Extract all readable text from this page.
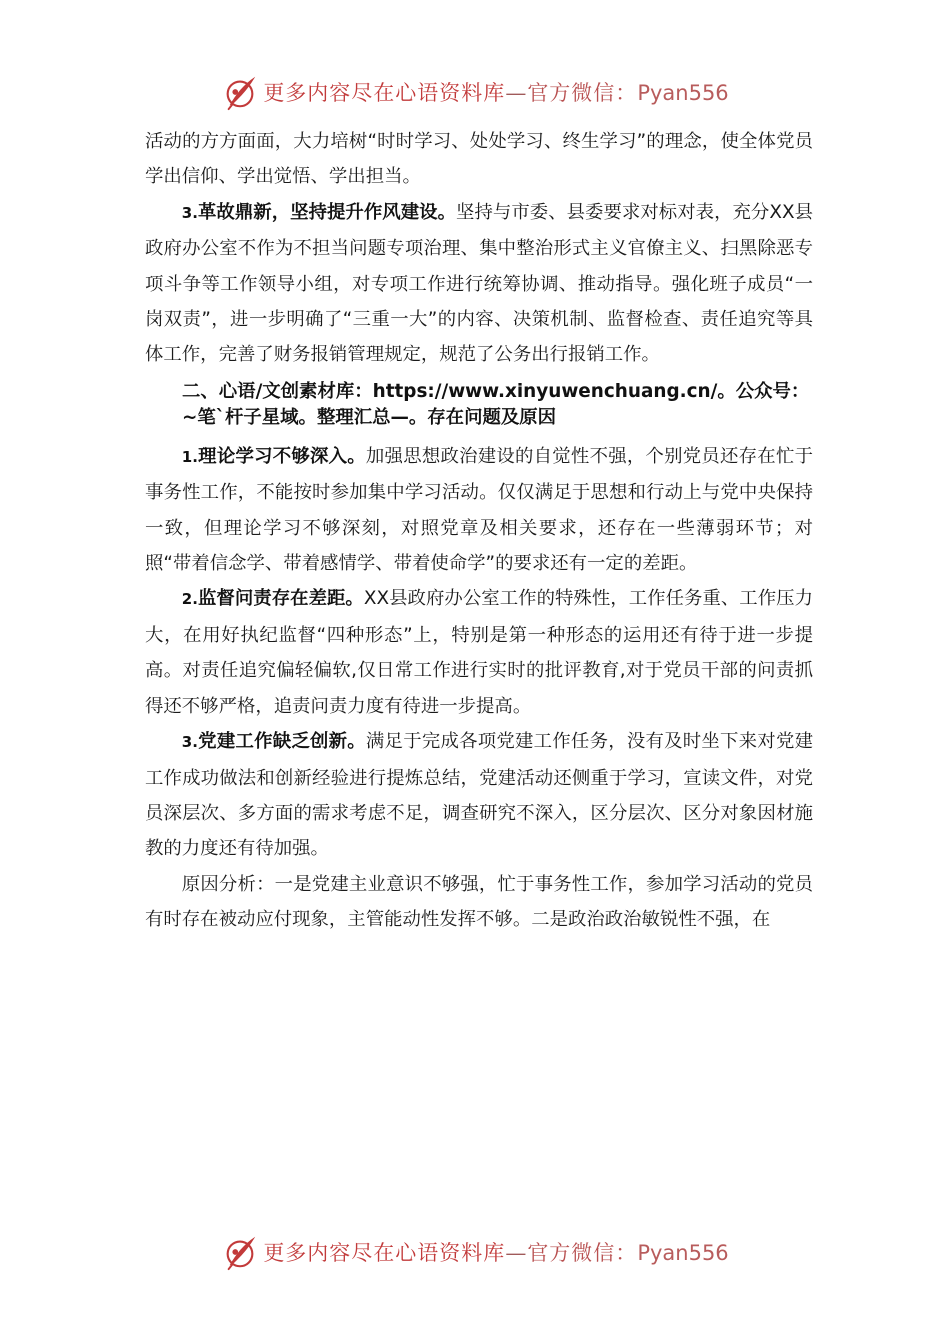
更多内容尽在心语资料库—官方微信：Pyan556

活动的方方面面，大力培树“时时学习、处处学习、终生学习”的理念，使全体党员学出信仰、学出觉悟、学出担当。

3.革故鼎新，坚持提升作风建设。坚持与市委、县委要求对标对表，充分XX县政府办公室不作为不担当问题专项治理、集中整治形式主义官僚主义、扫黑除恶专项斗争等工作领导小组，对专项工作进行统筹协调、推动指导。强化班子成员“一岗双责”，进一步明确了“三重一大”的内容、决策机制、监督检查、责任追究等具体工作，完善了财务报销管理规定，规范了公务出行报销工作。

二、心语/文创素材库：https://www.xinyuwenchuang.cn/。公众号：~笔`杆子星域。整理汇总—。存在问题及原因

1.理论学习不够深入。加强思想政治建设的自觉性不强，个别党员还存在忙于事务性工作，不能按时参加集中学习活动。仅仅满足于思想和行动上与党中央保持一致，但理论学习不够深刻，对照党章及相关要求，还存在一些薄弱环节；对照“带着信念学、带着感情学、带着使命学”的要求还有一定的差距。

2.监督问责存在差距。XX县政府办公室工作的特殊性，工作任务重、工作压力大，在用好执纪监督“四种形态”上，特别是第一种形态的运用还有待于进一步提高。对责任追究偏轻偏软,仅日常工作进行实时的批评教育,对于党员干部的问责抓得还不够严格，追责问责力度有待进一步提高。

3.党建工作缺乏创新。满足于完成各项党建工作任务，没有及时坐下来对党建工作成功做法和创新经验进行提炼总结，党建活动还侧重于学习，宣读文件，对党员深层次、多方面的需求考虑不足，调查研究不深入，区分层次、区分对象因材施教的力度还有待加强。

原因分析：一是党建主业意识不够强，忙于事务性工作，参加学习活动的党员有时存在被动应付现象，主管能动性发挥不够。二是政治政治敏锐性不强，在

更多内容尽在心语资料库—官方微信：Pyan556
